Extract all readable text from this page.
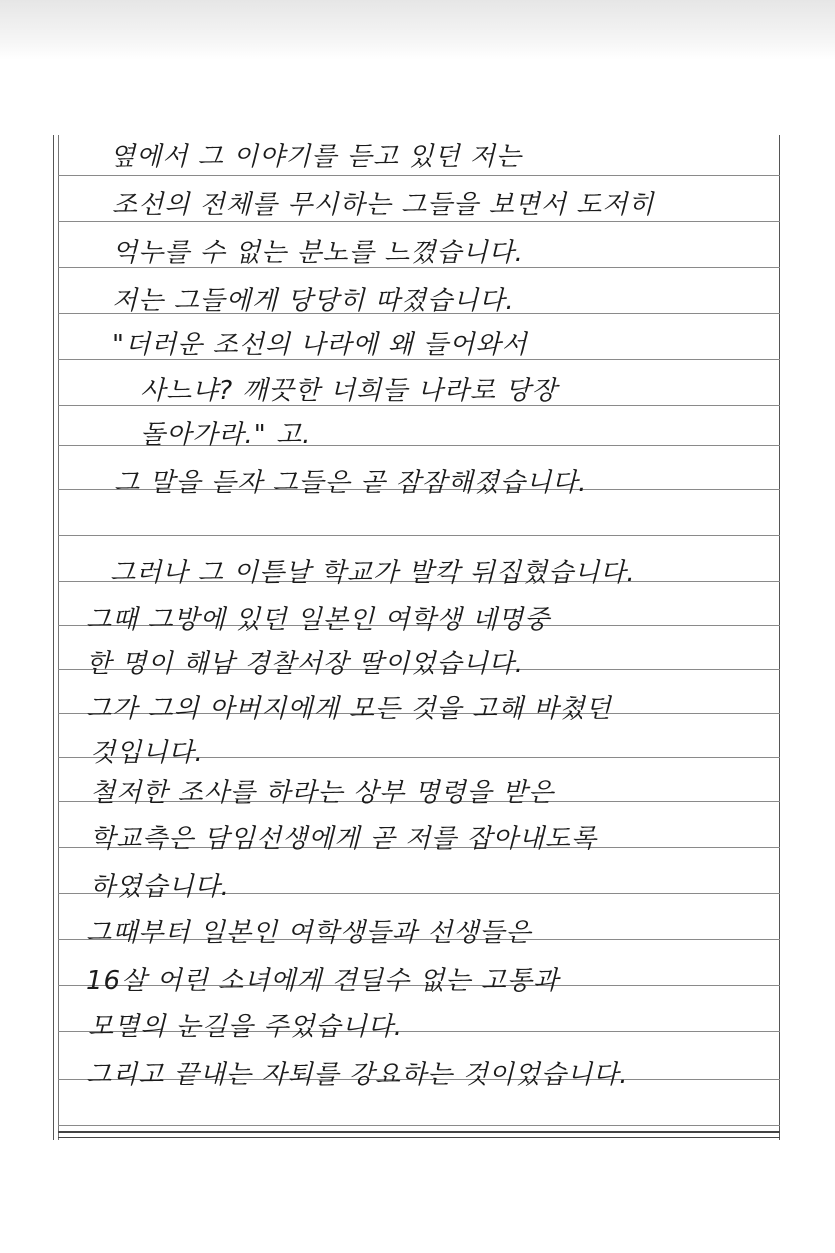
옆에서 그 이야기를 듣고 있던 저는
조선의 전체를 무시하는 그들을 보면서 도저히
억누를 수 없는 분노를 느꼈습니다.
저는 그들에게 당당히 따졌습니다.
"더러운 조선의 나라에 왜 들어와서
사느냐? 깨끗한 너희들 나라로 당장
돌아가라." 고.
그 말을 듣자 그들은 곧 잠잠해졌습니다.
그러나 그 이튿날 학교가 발칵 뒤집혔습니다.
그때 그방에 있던 일본인 여학생 네명중
한 명이 해남 경찰서장 딸이었습니다.
그가 그의 아버지에게 모든 것을 고해 바쳤던
것입니다.
철저한 조사를 하라는 상부 명령을 받은
학교측은 담임선생에게 곧 저를 잡아내도록
하였습니다.
그때부터 일본인 여학생들과 선생들은
16살 어린 소녀에게 견딜수 없는 고통과
모멸의 눈길을 주었습니다.
그리고 끝내는 자퇴를 강요하는 것이었습니다.
